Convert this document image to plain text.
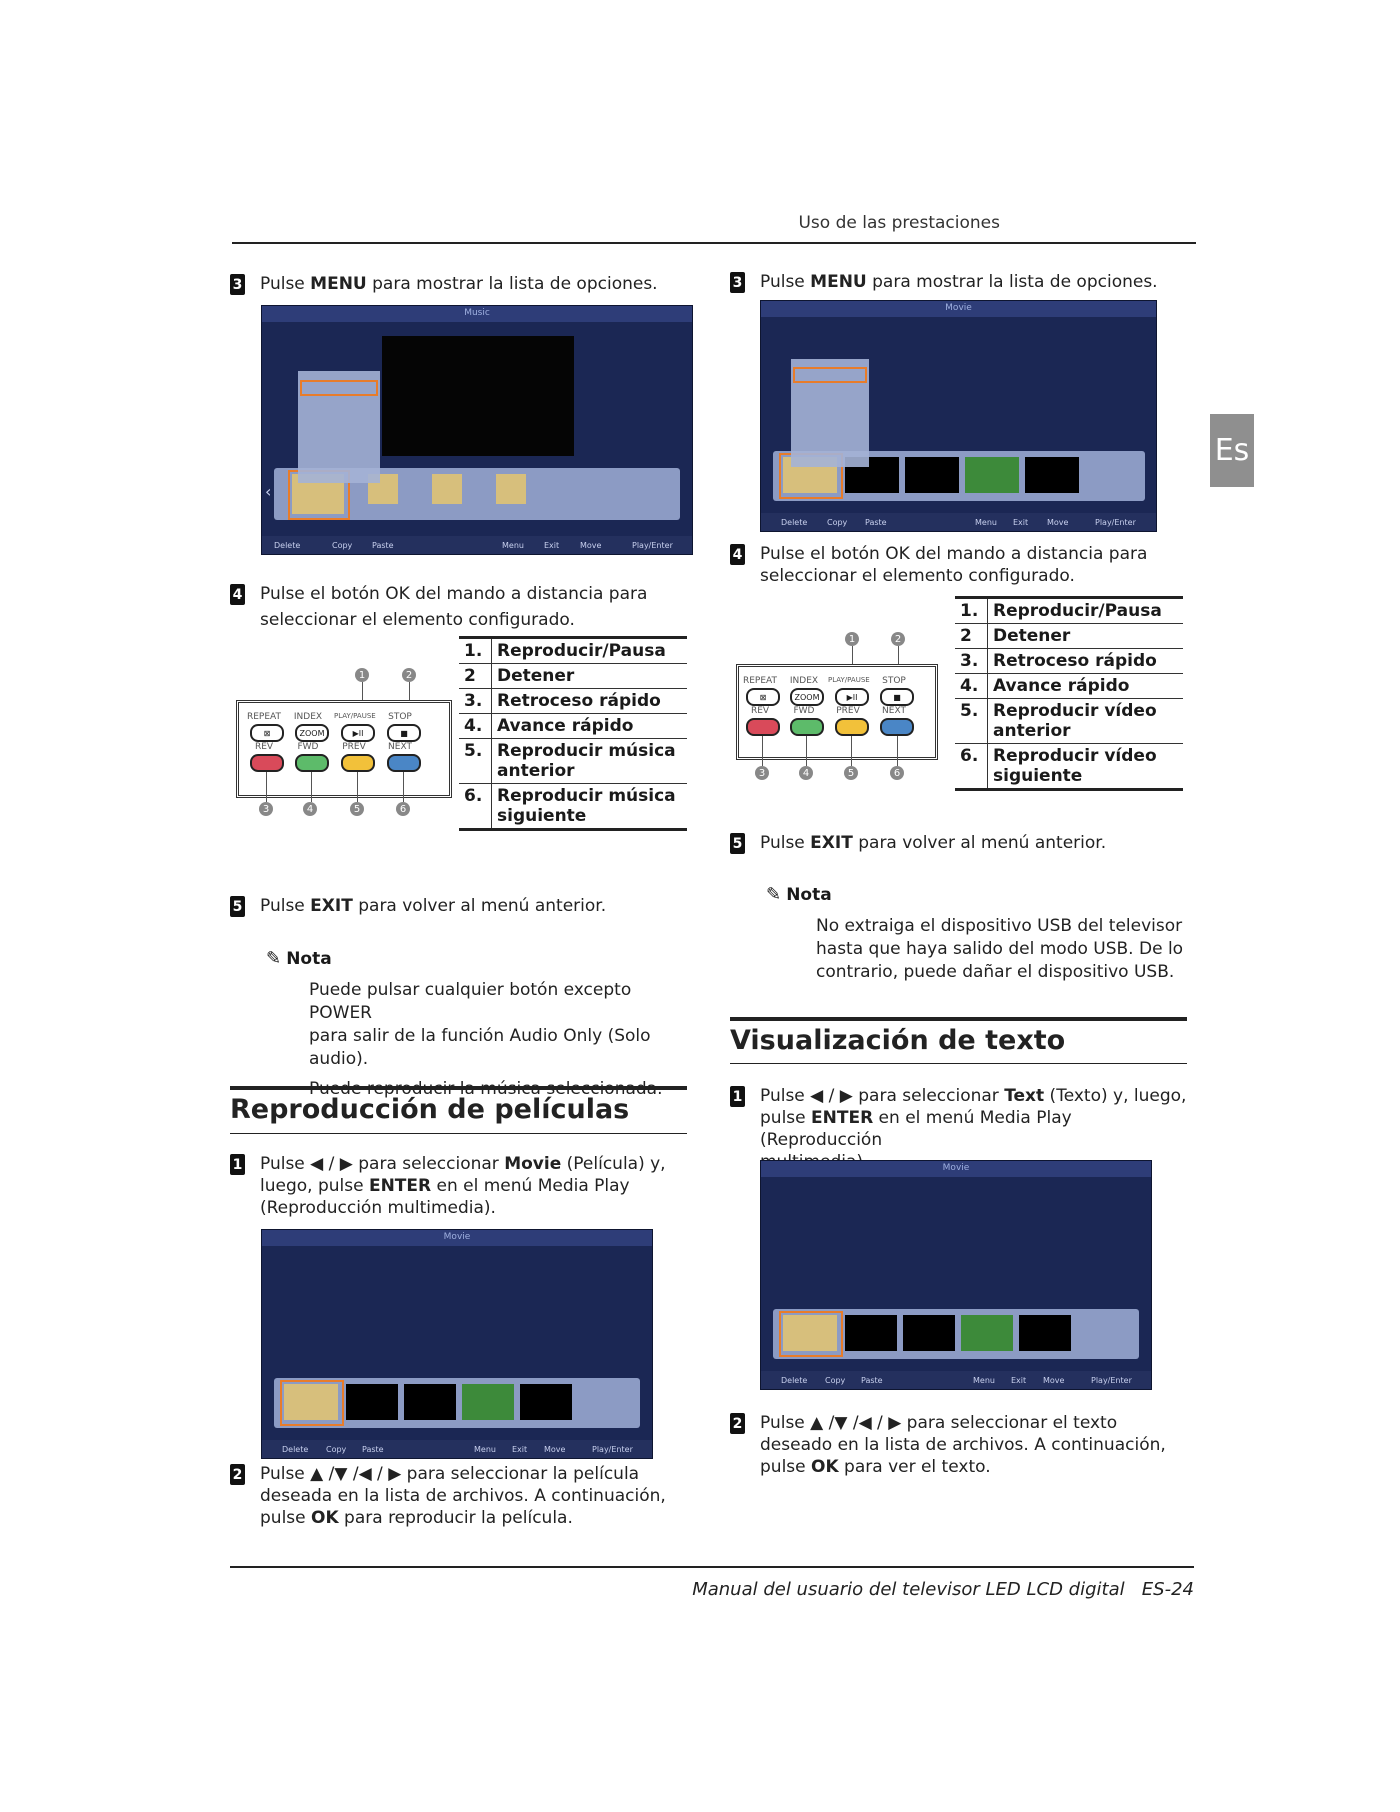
Uso de las prestaciones
Es
3 Pulse MENU para mostrar la lista de opciones.
Music
‹
Delete	Copy Paste	Menu	Exit	Move	Play/Enter
4 Pulse el botón OK del mando a distancia para
seleccionar el elemento configurado.
1	2
REPEAT	INDEX	PLAY/PAUSE	STOP
⊠	ZOOM	▶II	■
REV	FWD	PREV	NEXT
3	4	5	6
1.	Reproducir/Pausa
2	Detener
3.	Retroceso rápido
4.	Avance rápido
5.	Reproducir música anterior
6.	Reproducir música siguiente
5 Pulse EXIT para volver al menú anterior.
✎ Nota
Puede pulsar cualquier botón excepto POWER
para salir de la función Audio Only (Solo audio).
Reproducción de películas
1 Pulse ◀ / ▶ para seleccionar Movie (Película) y,
luego, pulse ENTER en el menú Media Play
(Reproducción multimedia).
Movie
Delete Copy Paste	Menu Exit Move	Play/Enter
2 Pulse ▲ /▼ /◀ / ▶ para seleccionar la película
deseada en la lista de archivos. A continuación,
pulse OK para reproducir la película.
3 Pulse MENU para mostrar la lista de opciones.
Movie
Delete Copy Paste	Menu Exit Move	Play/Enter
4 Pulse el botón OK del mando a distancia para
seleccionar el elemento configurado.
1	2
REPEAT	INDEX	PLAY/PAUSE	STOP
⊠	ZOOM	▶II	■
REV	FWD	PREV	NEXT
3	4	5	6
1.	Reproducir/Pausa
2	Detener
3.	Retroceso rápido
4.	Avance rápido
5.	Reproducir vídeo anterior
6.	Reproducir vídeo siguiente
5 Pulse EXIT para volver al menú anterior.
✎ Nota
No extraiga el dispositivo USB del televisor
hasta que haya salido del modo USB. De lo
contrario, puede dañar el dispositivo USB.
Visualización de texto
1 Pulse ◀ / ▶ para seleccionar Text (Texto) y, luego,
pulse ENTER en el menú Media Play (Reproducción
Movie
Delete Copy Paste	Menu Exit Move	Play/Enter
2 Pulse ▲ /▼ /◀ / ▶ para seleccionar el texto
deseado en la lista de archivos. A continuación,
pulse OK para ver el texto.
Manual del usuario del televisor LED LCD digital ES-24
